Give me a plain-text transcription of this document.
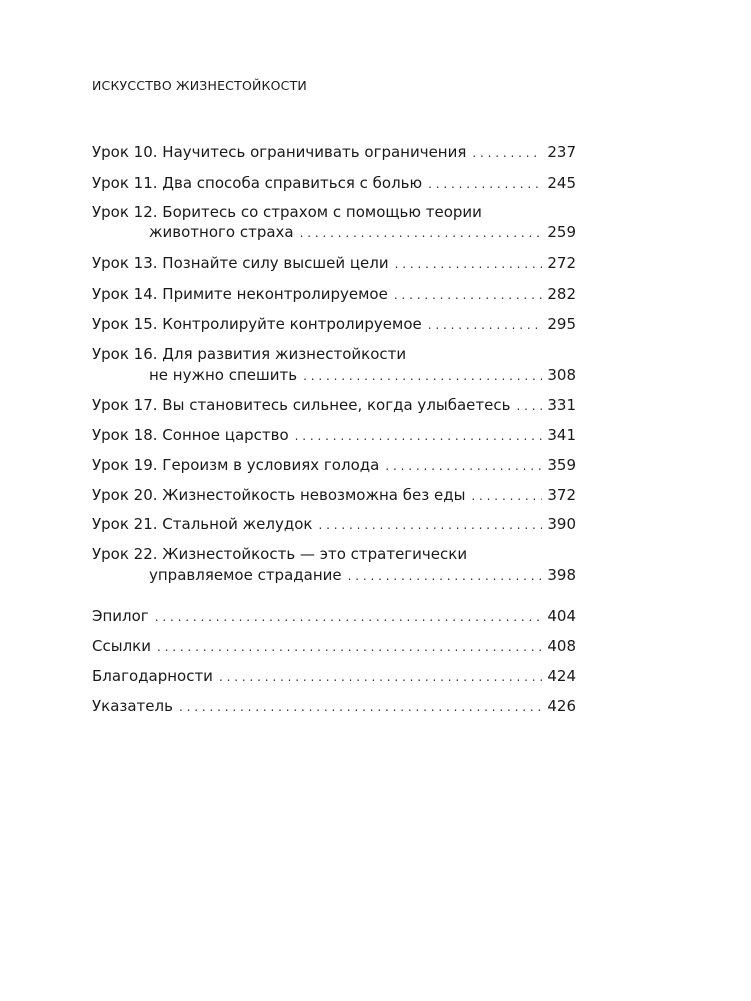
ИСКУССТВО ЖИЗНЕСТОЙКОСТИ
Урок 10. Научитесь ограничивать ограничения . . .	237
Урок 11. Два способа справиться с болью . . .	245
Урок 12. Боритесь со страхом с помощью теории
животного страха . . .	259
Урок 13. Познайте силу высшей цели . . .	272
Урок 14. Примите неконтролируемое . . .	282
Урок 15. Контролируйте контролируемое . . .	295
Урок 16. Для развития жизнестойкости
не нужно спешить . . .	308
Урок 17. Вы становитесь сильнее, когда улыбаетесь . . . 331
Урок 18. Сонное царство . . .	341
Урок 19. Героизм в условиях голода . . .	359
Урок 20. Жизнестойкость невозможна без еды . . .	372
Урок 21. Стальной желудок . . .	390
Урок 22. Жизнестойкость — это стратегически
управляемое страдание . . .	398
Эпилог . . .	404
Ссылки . . .	408
Благодарности . . .	424
Указатель . . .	426
